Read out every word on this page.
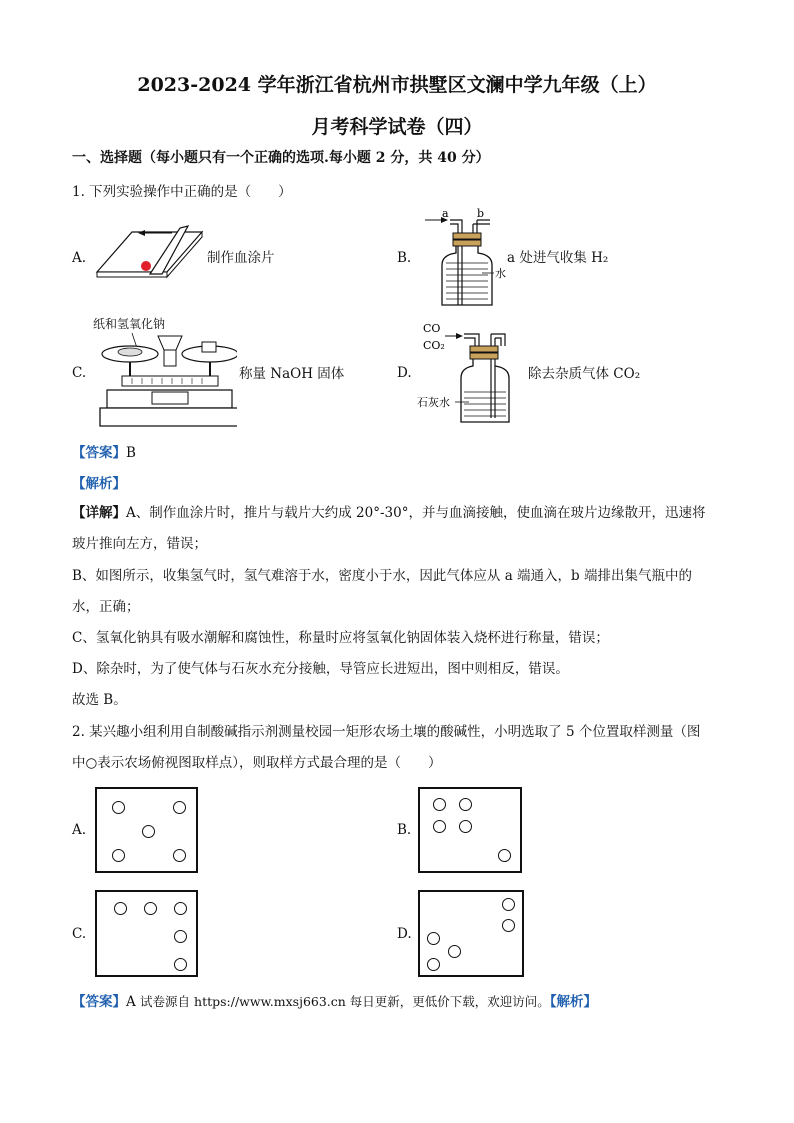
2023-2024 学年浙江省杭州市拱墅区文澜中学九年级（上）
月考科学试卷（四）
一、选择题（每小题只有一个正确的选项.每小题 2 分，共 40 分）
1. 下列实验操作中正确的是（　　）
A.	制作血涂片	B.
a	b
水
a 处进气收集 H₂
纸和氢氧化钠
C.	称量 NaOH 固体	D.
CO
CO₂
石灰水
除去杂质气体 CO₂
【答案】B
【解析】
【详解】A、制作血涂片时，推片与载片大约成 20°-30°，并与血滴接触，使血滴在玻片边缘散开，迅速将
玻片推向左方，错误；
B、如图所示，收集氢气时，氢气难溶于水，密度小于水，因此气体应从 a 端通入，b 端排出集气瓶中的
水，正确；
C、氢氧化钠具有吸水潮解和腐蚀性，称量时应将氢氧化钠固体装入烧杯进行称量，错误；
D、除杂时，为了使气体与石灰水充分接触，导管应长进短出，图中则相反，错误。
故选 B。
2. 某兴趣小组利用自制酸碱指示剂测量校园一矩形农场土壤的酸碱性，小明选取了 5 个位置取样测量（图
中○表示农场俯视图取样点），则取样方式最合理的是（　　）
A.	B.
C.	D.
【答案】A 试卷源自 https://www.mxsj663.cn 每日更新，更低价下载，欢迎访问。【解析】
